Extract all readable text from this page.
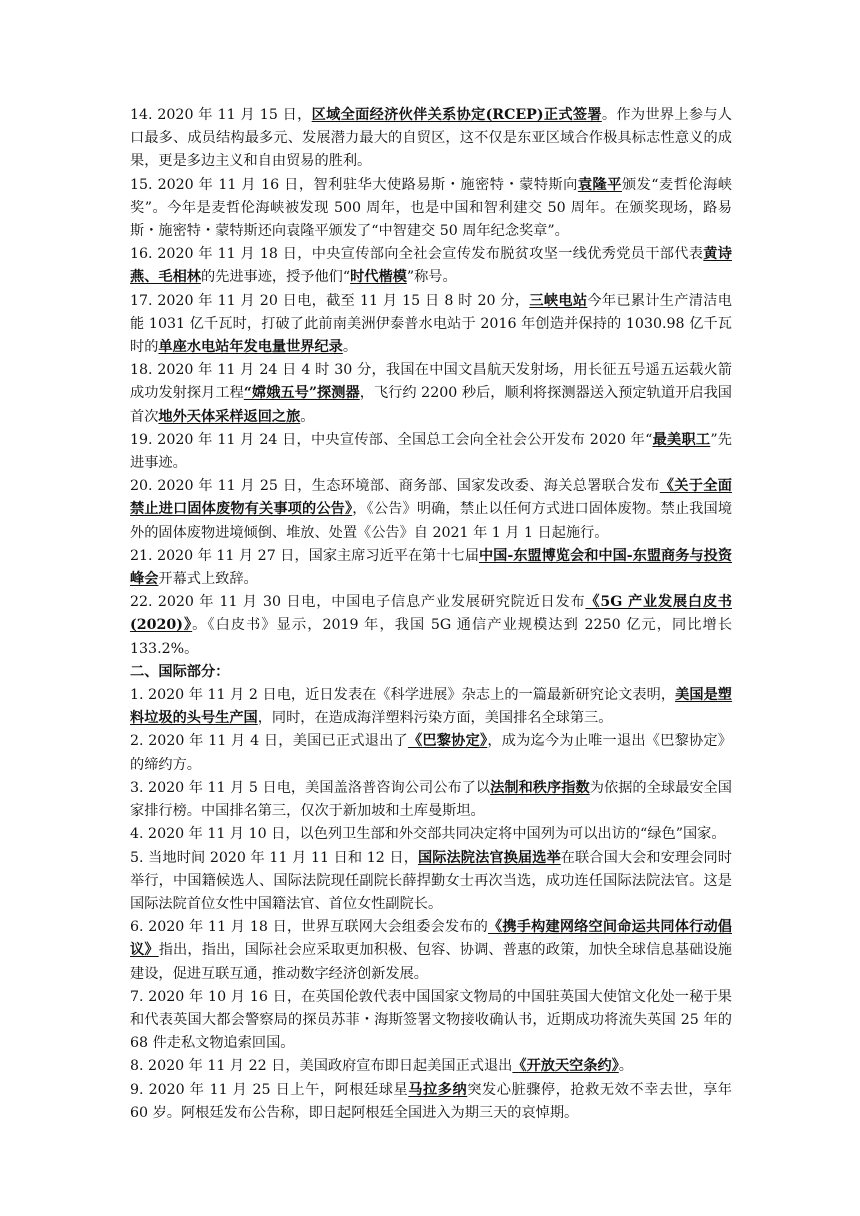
14. 2020 年 11 月 15 日，区域全面经济伙伴关系协定(RCEP)正式签署。作为世界上参与人口最多、成员结构最多元、发展潜力最大的自贸区，这不仅是东亚区域合作极具标志性意义的成果，更是多边主义和自由贸易的胜利。

15. 2020 年 11 月 16 日，智利驻华大使路易斯・施密特・蒙特斯向袁隆平颁发“麦哲伦海峡奖”。今年是麦哲伦海峡被发现 500 周年，也是中国和智利建交 50 周年。在颁奖现场，路易斯・施密特・蒙特斯还向袁隆平颁发了“中智建交 50 周年纪念奖章”。

16. 2020 年 11 月 18 日，中央宣传部向全社会宣传发布脱贫攻坚一线优秀党员干部代表黄诗燕、毛相林的先进事迹，授予他们“时代楷模”称号。

17. 2020 年 11 月 20 日电，截至 11 月 15 日 8 时 20 分，三峡电站今年已累计生产清洁电能 1031 亿千瓦时，打破了此前南美洲伊泰普水电站于 2016 年创造并保持的 1030.98 亿千瓦时的单座水电站年发电量世界纪录。

18. 2020 年 11 月 24 日 4 时 30 分，我国在中国文昌航天发射场，用长征五号遥五运载火箭成功发射探月工程“嫦娥五号”探测器，飞行约 2200 秒后，顺利将探测器送入预定轨道开启我国首次地外天体采样返回之旅。

19. 2020 年 11 月 24 日，中央宣传部、全国总工会向全社会公开发布 2020 年“最美职工”先进事迹。

20. 2020 年 11 月 25 日，生态环境部、商务部、国家发改委、海关总署联合发布《关于全面禁止进口固体废物有关事项的公告》，《公告》明确，禁止以任何方式进口固体废物。禁止我国境外的固体废物进境倾倒、堆放、处置《公告》自 2021 年 1 月 1 日起施行。

21. 2020 年 11 月 27 日，国家主席习近平在第十七届中国-东盟博览会和中国-东盟商务与投资峰会开幕式上致辞。

22. 2020 年 11 月 30 日电，中国电子信息产业发展研究院近日发布《5G 产业发展白皮书(2020)》。《白皮书》显示，2019 年，我国 5G 通信产业规模达到 2250 亿元，同比增长 133.2%。

二、国际部分：

1. 2020 年 11 月 2 日电，近日发表在《科学进展》杂志上的一篇最新研究论文表明，美国是塑料垃圾的头号生产国，同时，在造成海洋塑料污染方面，美国排名全球第三。

2. 2020 年 11 月 4 日，美国已正式退出了《巴黎协定》，成为迄今为止唯一退出《巴黎协定》的缔约方。

3. 2020 年 11 月 5 日电，美国盖洛普咨询公司公布了以法制和秩序指数为依据的全球最安全国家排行榜。中国排名第三，仅次于新加坡和土库曼斯坦。

4. 2020 年 11 月 10 日，以色列卫生部和外交部共同决定将中国列为可以出访的“绿色”国家。

5. 当地时间 2020 年 11 月 11 日和 12 日，国际法院法官换届选举在联合国大会和安理会同时举行，中国籍候选人、国际法院现任副院长薛捍勤女士再次当选，成功连任国际法院法官。这是国际法院首位女性中国籍法官、首位女性副院长。

6. 2020 年 11 月 18 日，世界互联网大会组委会发布的《携手构建网络空间命运共同体行动倡议》指出，指出，国际社会应采取更加积极、包容、协调、普惠的政策，加快全球信息基础设施建设，促进互联互通，推动数字经济创新发展。

7. 2020 年 10 月 16 日，在英国伦敦代表中国国家文物局的中国驻英国大使馆文化处一秘于果和代表英国大都会警察局的探员苏菲・海斯签署文物接收确认书，近期成功将流失英国 25 年的 68 件走私文物追索回国。

8. 2020 年 11 月 22 日，美国政府宣布即日起美国正式退出《开放天空条约》。

9. 2020 年 11 月 25 日上午，阿根廷球星马拉多纳突发心脏骤停，抢救无效不幸去世，享年 60 岁。阿根廷发布公告称，即日起阿根廷全国进入为期三天的哀悼期。
